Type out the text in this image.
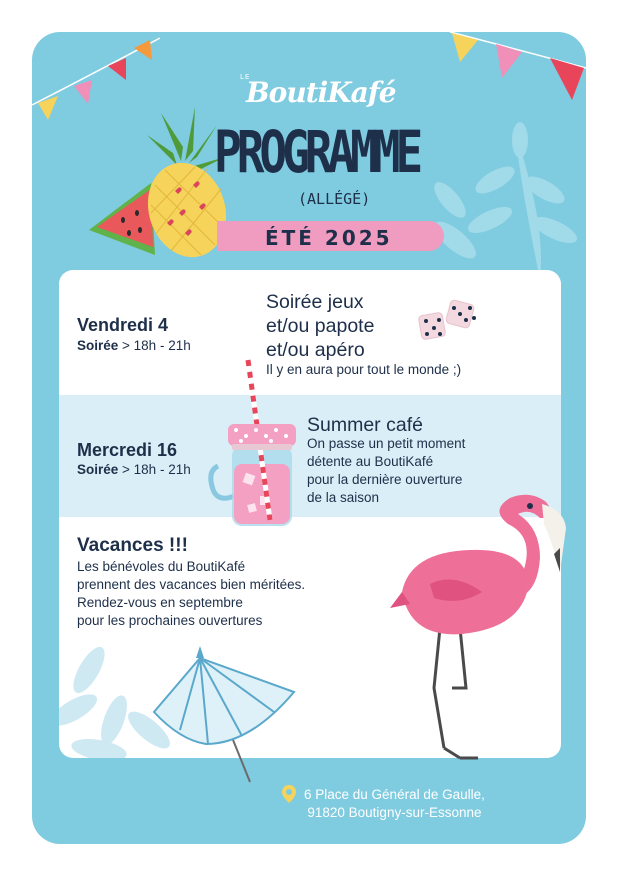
LE
BoutiKafé
PROGRAMME
(ALLÉGÉ)
ÉTÉ 2025
Vendredi 4
Soirée > 18h - 21h
Soirée jeux
et/ou papote
et/ou apéro
Il y en aura pour tout le monde ;)
Mercredi 16
Soirée > 18h - 21h
Summer café
On passe un petit moment
détente au BoutiKafé
pour la dernière ouverture
de la saison
Vacances !!!
Les bénévoles du BoutiKafé
prennent des vacances bien méritées.
Rendez-vous en septembre
pour les prochaines ouvertures
6 Place du Général de Gaulle,
91820 Boutigny-sur-Essonne
